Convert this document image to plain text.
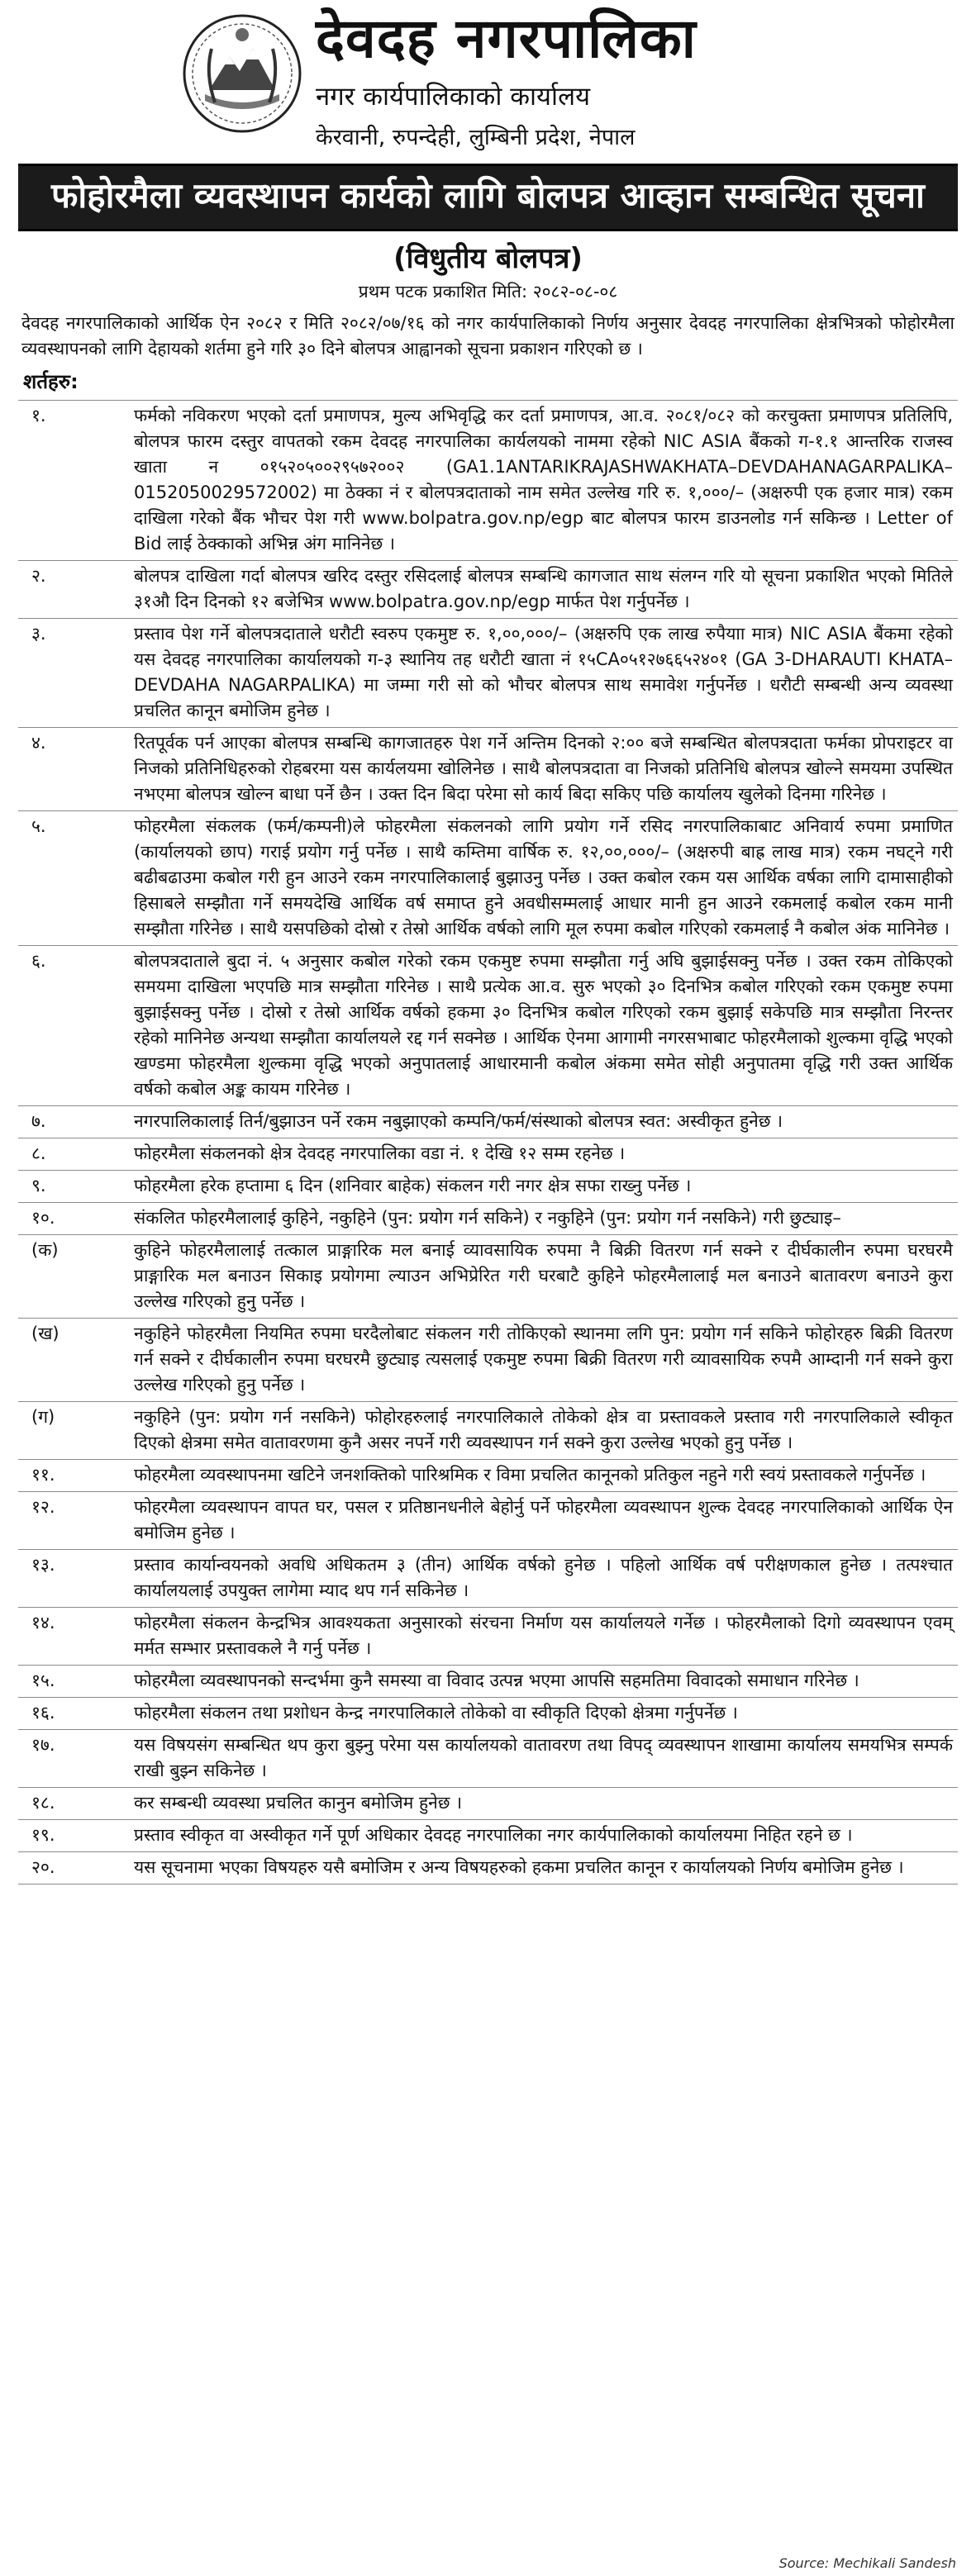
देवदह नगरपालिका
नगर कार्यपालिकाको कार्यालय
केरवानी, रुपन्देही, लुम्बिनी प्रदेश, नेपाल
फोहोरमैला व्यवस्थापन कार्यको लागि बोलपत्र आव्हान सम्बन्धित सूचना
(विधुतीय बोलपत्र)
प्रथम पटक प्रकाशित मिति: २०८२-०८-०८
देवदह नगरपालिकाको आर्थिक ऐन २०८२ र मिति २०८२/०७/१६ को नगर कार्यपालिकाको निर्णय अनुसार देवदह नगरपालिका क्षेत्रभित्रको फोहोरमैला व्यवस्थापनको लागि देहायको शर्तमा हुने गरि ३० दिने बोलपत्र आह्वानको सूचना प्रकाशन गरिएको छ ।
शर्तहरु:
१.	फर्मको नविकरण भएको दर्ता प्रमाणपत्र, मुल्य अभिवृद्धि कर दर्ता प्रमाणपत्र, आ.व. २०८१/०८२ को करचुक्ता प्रमाणपत्र प्रतिलिपि, बोलपत्र फारम दस्तुर वापतको रकम देवदह नगरपालिका कार्यलयको नाममा रहेको NIC ASIA बैंकको ग-१.१ आन्तरिक राजस्व खाता न ०१५२०५००२९५७२००२ (GA1.1ANTARIKRAJASHWAKHATA–DEVDAHANAGARPALIKA–0152050029572002) मा ठेक्का नं र बोलपत्रदाताको नाम समेत उल्लेख गरि रु. १,०००/– (अक्षरुपी एक हजार मात्र) रकम दाखिला गरेको बैंक भौचर पेश गरी www.bolpatra.gov.np/egp बाट बोलपत्र फारम डाउनलोड गर्न सकिन्छ । Letter of Bid लाई ठेक्काको अभिन्न अंग मानिनेछ ।
२.	बोलपत्र दाखिला गर्दा बोलपत्र खरिद दस्तुर रसिदलाई बोलपत्र सम्बन्धि कागजात साथ संलग्न गरि यो सूचना प्रकाशित भएको मितिले ३१औ दिन दिनको १२ बजेभित्र www.bolpatra.gov.np/egp मार्फत पेश गर्नुपर्नेछ ।
३.	प्रस्ताव पेश गर्ने बोलपत्रदाताले धरौटी स्वरुप एकमुष्ट रु. १,००,०००/– (अक्षरुपि एक लाख रुपैयाा मात्र) NIC ASIA बैंकमा रहेको यस देवदह नगरपालिका कार्यालयको ग-३ स्थानिय तह धरौटी खाता नं १५CA०५१२७६६५२४०१ (GA 3-DHARAUTI KHATA–DEVDAHA NAGARPALIKA) मा जम्मा गरी सो को भौचर बोलपत्र साथ समावेश गर्नुपर्नेछ । धरौटी सम्बन्धी अन्य व्यवस्था प्रचलित कानून बमोजिम हुनेछ ।
४.	रितपूर्वक पर्न आएका बोलपत्र सम्बन्धि कागजातहरु पेश गर्ने अन्तिम दिनको २:०० बजे सम्बन्धित बोलपत्रदाता फर्मका प्रोपराइटर वा निजको प्रतिनिधिहरुको रोहबरमा यस कार्यलयमा खोलिनेछ । साथै बोलपत्रदाता वा निजको प्रतिनिधि बोलपत्र खोल्ने समयमा उपस्थित नभएमा बोलपत्र खोल्न बाधा पर्ने छैन । उक्त दिन बिदा परेमा सो कार्य बिदा सकिए पछि कार्यालय खुलेको दिनमा गरिनेछ ।
५.	फोहरमैला संकलक (फर्म/कम्पनी)ले फोहरमैला संकलनको लागि प्रयोग गर्ने रसिद नगरपालिकाबाट अनिवार्य रुपमा प्रमाणित (कार्यालयको छाप) गराई प्रयोग गर्नु पर्नेछ । साथै कम्तिमा वार्षिक रु. १२,००,०००/– (अक्षरुपी बाह्र लाख मात्र) रकम नघट्ने गरी बढीबढाउमा कबोल गरी हुन आउने रकम नगरपालिकालाई बुझाउनु पर्नेछ । उक्त कबोल रकम यस आर्थिक वर्षका लागि दामासाहीको हिसाबले सम्झौता गर्ने समयदेखि आर्थिक वर्ष समाप्त हुने अवधीसम्मलाई आधार मानी हुन आउने रकमलाई कबोल रकम मानी सम्झौता गरिनेछ । साथै यसपछिको दोस्रो र तेस्रो आर्थिक वर्षको लागि मूल रुपमा कबोल गरिएको रकमलाई नै कबोल अंक मानिनेछ ।
६.	बोलपत्रदाताले बुदा नं. ५ अनुसार कबोल गरेको रकम एकमुष्ट रुपमा सम्झौता गर्नु अघि बुझाईसक्नु पर्नेछ । उक्त रकम तोकिएको समयमा दाखिला भएपछि मात्र सम्झौता गरिनेछ । साथै प्रत्येक आ.व. सुरु भएको ३० दिनभित्र कबोल गरिएको रकम एकमुष्ट रुपमा बुझाईसक्नु पर्नेछ । दोस्रो र तेस्रो आर्थिक वर्षको हकमा ३० दिनभित्र कबोल गरिएको रकम बुझाई सकेपछि मात्र सम्झौता निरन्तर रहेको मानिनेछ अन्यथा सम्झौता कार्यालयले रद्द गर्न सक्नेछ । आर्थिक ऐनमा आगामी नगरसभाबाट फोहरमैलाको शुल्कमा वृद्धि भएको खण्डमा फोहरमैला शुल्कमा वृद्धि भएको अनुपातलाई आधारमानी कबोल अंकमा समेत सोही अनुपातमा वृद्धि गरी उक्त आर्थिक वर्षको कबोल अङ्क कायम गरिनेछ ।
७.	नगरपालिकालाई तिर्न/बुझाउन पर्ने रकम नबुझाएको कम्पनि/फर्म/संस्थाको बोलपत्र स्वत: अस्वीकृत हुनेछ ।
८.	फोहरमैला संकलनको क्षेत्र देवदह नगरपालिका वडा नं. १ देखि १२ सम्म रहनेछ ।
९.	फोहरमैला हरेक हप्तामा ६ दिन (शनिवार बाहेक) संकलन गरी नगर क्षेत्र सफा राख्नु पर्नेछ ।
१०.	संकलित फोहरमैलालाई कुहिने, नकुहिने (पुन: प्रयोग गर्न सकिने) र नकुहिने (पुन: प्रयोग गर्न नसकिने) गरी छुट्याइ–
(क)	कुहिने फोहरमैलालाई तत्काल प्राङ्गारिक मल बनाई व्यावसायिक रुपमा नै बिक्री वितरण गर्न सक्ने र दीर्घकालीन रुपमा घरघरमै प्राङ्गारिक मल बनाउन सिकाइ प्रयोगमा ल्याउन अभिप्रेरित गरी घरबाटै कुहिने फोहरमैलालाई मल बनाउने बातावरण बनाउने कुरा उल्लेख गरिएको हुनु पर्नेछ ।
(ख)	नकुहिने फोहरमैला नियमित रुपमा घरदैलोबाट संकलन गरी तोकिएको स्थानमा लगि पुन: प्रयोग गर्न सकिने फोहोरहरु बिक्री वितरण गर्न सक्ने र दीर्घकालीन रुपमा घरघरमै छुट्याइ त्यसलाई एकमुष्ट रुपमा बिक्री वितरण गरी व्यावसायिक रुपमै आम्दानी गर्न सक्ने कुरा उल्लेख गरिएको हुनु पर्नेछ ।
(ग)	नकुहिने (पुन: प्रयोग गर्न नसकिने) फोहोरहरुलाई नगरपालिकाले तोकेको क्षेत्र वा प्रस्तावकले प्रस्ताव गरी नगरपालिकाले स्वीकृत दिएको क्षेत्रमा समेत वातावरणमा कुनै असर नपर्ने गरी व्यवस्थापन गर्न सक्ने कुरा उल्लेख भएको हुनु पर्नेछ ।
११.	फोहरमैला व्यवस्थापनमा खटिने जनशक्तिको पारिश्रमिक र विमा प्रचलित कानूनको प्रतिकुल नहुने गरी स्वयं प्रस्तावकले गर्नुपर्नेछ ।
१२.	फोहरमैला व्यवस्थापन वापत घर, पसल र प्रतिष्ठानधनीले बेहोर्नु पर्ने फोहरमैला व्यवस्थापन शुल्क देवदह नगरपालिकाको आर्थिक ऐन बमोजिम हुनेछ ।
१३.	प्रस्ताव कार्यान्वयनको अवधि अधिकतम ३ (तीन) आर्थिक वर्षको हुनेछ । पहिलो आर्थिक वर्ष परीक्षणकाल हुनेछ । तत्पश्चात कार्यालयलाई उपयुक्त लागेमा म्याद थप गर्न सकिनेछ ।
१४.	फोहरमैला संकलन केन्द्रभित्र आवश्यकता अनुसारको संरचना निर्माण यस कार्यालयले गर्नेछ । फोहरमैलाको दिगो व्यवस्थापन एवम् मर्मत सम्भार प्रस्तावकले नै गर्नु पर्नेछ ।
१५.	फोहरमैला व्यवस्थापनको सन्दर्भमा कुनै समस्या वा विवाद उत्पन्न भएमा आपसि सहमतिमा विवादको समाधान गरिनेछ ।
१६.	फोहरमैला संकलन तथा प्रशोधन केन्द्र नगरपालिकाले तोकेको वा स्वीकृति दिएको क्षेत्रमा गर्नुपर्नेछ ।
१७.	यस विषयसंग सम्बन्धित थप कुरा बुझ्नु परेमा यस कार्यालयको वातावरण तथा विपद् व्यवस्थापन शाखामा कार्यालय समयभित्र सम्पर्क राखी बुझ्न सकिनेछ ।
१८.	कर सम्बन्धी व्यवस्था प्रचलित कानुन बमोजिम हुनेछ ।
१९.	प्रस्ताव स्वीकृत वा अस्वीकृत गर्ने पूर्ण अधिकार देवदह नगरपालिका नगर कार्यपालिकाको कार्यालयमा निहित रहने छ ।
२०.	यस सूचनामा भएका विषयहरु यसै बमोजिम र अन्य विषयहरुको हकमा प्रचलित कानून र कार्यालयको निर्णय बमोजिम हुनेछ ।
Source: Mechikali Sandesh
